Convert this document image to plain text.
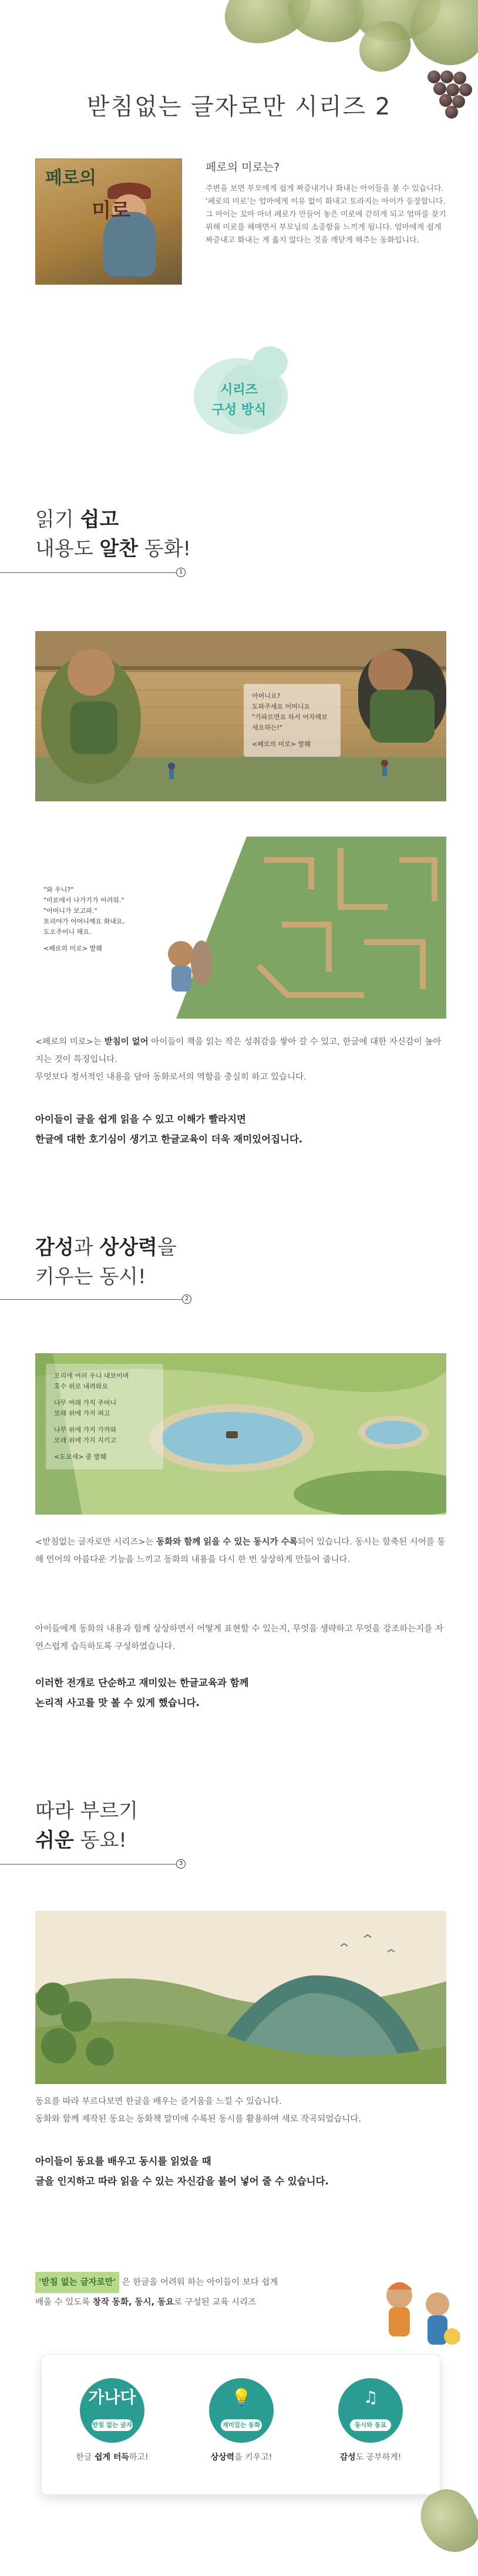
받침없는 글자로만 시리즈 2
페로의
미로
페로의 미로는?

주변을 보면 부모에게 쉽게 짜증내거나 화내는 아이들을 볼 수 있습니다. '페로의 미로'는 엄마에게 이유 없이 화내고 토라지는 아이가 등장합니다. 그 아이는 꼬마 마녀 페로가 만들어 놓은 미로에 갇히게 되고 엄마를 찾기 위해 미로를 헤매면서 부모님의 소중함을 느끼게 됩니다. 엄마에게 쉽게 짜증내고 화내는 게 옳지 않다는 것을 깨닫게 해주는 동화입니다.

시리즈
구성 방식
읽기 쉽고
내용도 알찬 동화!
1
아머니요?
도와주세요 어머니요
"가파르면요 하서 어자해보세요하는!"
<페로의 미로> 발췌
"와 우니?"
"미로에서 나가기가 어려워."
"어머니가 보고파."
토리야가 어머니예요 화내요,
도오주어니 해요.
<페로의 미로> 발췌
<페로의 미로>는 받침이 없어 아이들이 책을 읽는 작은 성취감을 쌓아 갈 수 있고, 한글에 대한 자신감이 높아지는 것이 특징입니다.
무엇보다 정서적인 내용을 담아 동화로서의 역할을 충실히 하고 있습니다.
아이들이 글을 쉽게 읽을 수 있고 이해가 빨라지면
한글에 대한 호기심이 생기고 한글교육이 더욱 재미있어집니다.
감성과 상상력을
키우는 동시!
2
오리에 여러 우니 내보이며
호수 위로 내려와요
나무 여래 가지 주머니
모래 위에 가지 펴고
나무 위에 가지 가까와
모래 위에 가지 지키고
<도요새> 중 발췌
<받침없는 글자로만 시리즈>는 동화와 함께 읽을 수 있는 동시가 수록되어 있습니다. 동시는 함축된 시어를 통해 언어의 아름다운 기능을 느끼고 동화의 내용을 다시 한 번 상상하게 만들어 줍니다.
아이들에게 동화의 내용과 함께 상상하면서 어떻게 표현할 수 있는지, 무엇을 생략하고 무엇을 강조하는지를 자연스럽게 습득하도록 구성하였습니다.
이러한 전개로 단순하고 재미있는 한글교육과 함께
논리적 사고를 맛 볼 수 있게 했습니다.
따라 부르기
쉬운 동요!
3
동요를 따라 부르다보면 한글을 배우는 즐거움을 느낄 수 있습니다.
동화와 함께 제작된 동요는 동화책 말미에 수록된 동시를 활용하여 새로 작곡되었습니다.
아이들이 동요를 배우고 동시를 읽었을 때
글을 인지하고 따라 읽을 수 있는 자신감을 불어 넣어 줄 수 있습니다.
'받침 없는 글자로만' 은 한글을 어려워 하는 아이들이 보다 쉽게
배울 수 있도록 창작 동화, 동시, 동요로 구성된 교육 시리즈
가나다
받침 없는 글자
한글 쉽게 터득하고!
💡
재미있는 동화
상상력을 키우고!
♫
동시와 동요
감성도 공부하게!
